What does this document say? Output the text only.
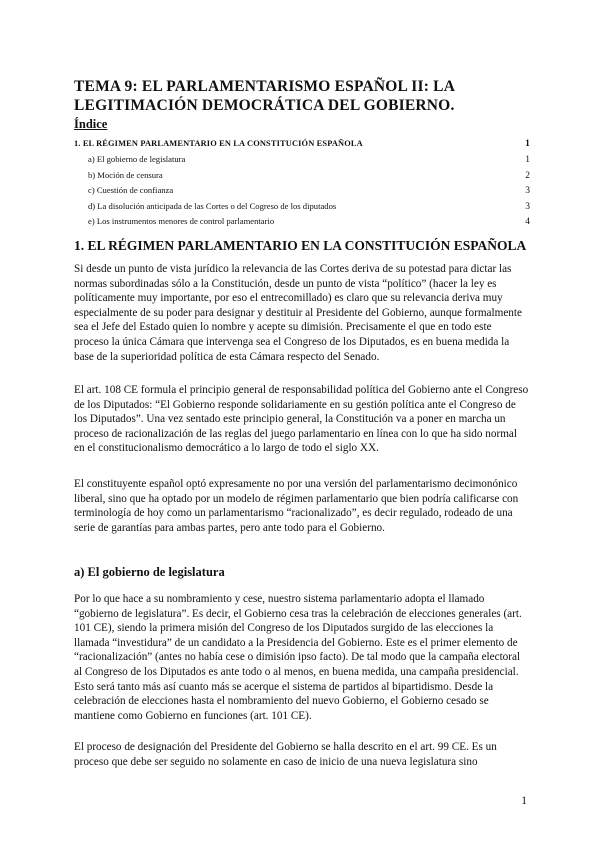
TEMA 9: EL PARLAMENTARISMO ESPAÑOL II: LA LEGITIMACIÓN DEMOCRÁTICA DEL GOBIERNO.
Índice
1. EL RÉGIMEN PARLAMENTARIO EN LA CONSTITUCIÓN ESPAÑOLA	1
a) El gobierno de legislatura	1
b) Moción de censura	2
c) Cuestión de confianza	3
d) La disolución anticipada de las Cortes o del Cogreso de los diputados	3
e) Los instrumentos menores de control parlamentario	4
1. EL RÉGIMEN PARLAMENTARIO EN LA CONSTITUCIÓN ESPAÑOLA

Si desde un punto de vista jurídico la relevancia de las Cortes deriva de su potestad para dictar las normas subordinadas sólo a la Constitución, desde un punto de vista “político” (hacer la ley es políticamente muy importante, por eso el entrecomillado) es claro que su relevancia deriva muy especialmente de su poder para designar y destituir al Presidente del Gobierno, aunque formalmente sea el Jefe del Estado quien lo nombre y acepte su dimisión. Precisamente el que en todo este proceso la única Cámara que intervenga sea el Congreso de los Diputados, es en buena medida la base de la superioridad política de esta Cámara respecto del Senado.

El art. 108 CE formula el principio general de responsabilidad política del Gobierno ante el Congreso de los Diputados: “El Gobierno responde solidariamente en su gestión política ante el Congreso de los Diputados”. Una vez sentado este principio general, la Constitución va a poner en marcha un proceso de racionalización de las reglas del juego parlamentario en línea con lo que ha sido normal en el constitucionalismo democrático a lo largo de todo el siglo XX.

El constituyente español optó expresamente no por una versión del parlamentarismo decimonónico liberal, sino que ha optado por un modelo de régimen parlamentario que bien podría calificarse con terminología de hoy como un parlamentarismo “racionalizado”, es decir regulado, rodeado de una serie de garantías para ambas partes, pero ante todo para el Gobierno.

a) El gobierno de legislatura

Por lo que hace a su nombramiento y cese, nuestro sistema parlamentario adopta el llamado “gobierno de legislatura”. Es decir, el Gobierno cesa tras la celebración de elecciones generales (art. 101 CE), siendo la primera misión del Congreso de los Diputados surgido de las elecciones la llamada “investidura” de un candidato a la Presidencia del Gobierno. Este es el primer elemento de “racionalización” (antes no había cese o dimisión ipso facto). De tal modo que la campaña electoral al Congreso de los Diputados es ante todo o al menos, en buena medida, una campaña presidencial. Esto será tanto más así cuanto más se acerque el sistema de partidos al bipartidismo. Desde la celebración de elecciones hasta el nombramiento del nuevo Gobierno, el Gobierno cesado se mantiene como Gobierno en funciones (art. 101 CE).

El proceso de designación del Presidente del Gobierno se halla descrito en el art. 99 CE. Es un proceso que debe ser seguido no solamente en caso de inicio de una nueva legislatura sino

1
